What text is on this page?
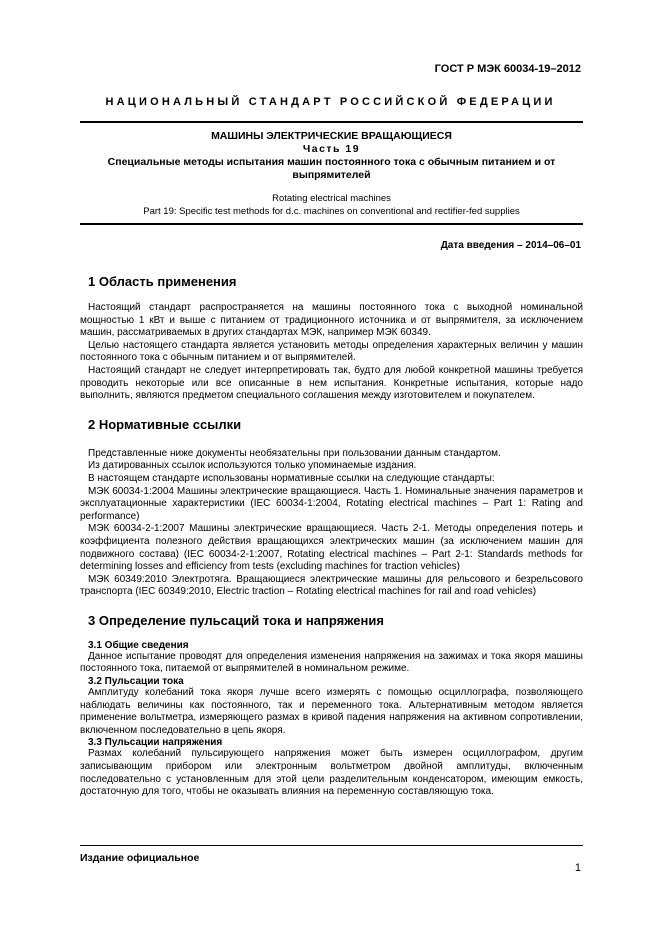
ГОСТ Р МЭК 60034-19–2012
НАЦИОНАЛЬНЫЙ СТАНДАРТ РОССИЙСКОЙ ФЕДЕРАЦИИ
МАШИНЫ ЭЛЕКТРИЧЕСКИЕ ВРАЩАЮЩИЕСЯ
Часть 19
Специальные методы испытания машин постоянного тока с обычным питанием и от выпрямителей
Rotating electrical machines
Part 19: Specific test methods for d.c. machines on conventional and rectifier-fed supplies
Дата введения – 2014–06–01
1 Область применения

Настоящий стандарт распространяется на машины постоянного тока с выходной номинальной мощностью 1 кВт и выше с питанием от традиционного источника и от выпрямителя, за исключением машин, рассматриваемых в других стандартах МЭК, например МЭК 60349.

Целью настоящего стандарта является установить методы определения характерных величин у машин постоянного тока с обычным питанием и от выпрямителей.

Настоящий стандарт не следует интерпретировать так, будто для любой конкретной машины требуется проводить некоторые или все описанные в нем испытания. Конкретные испытания, которые надо выполнить, являются предметом специального соглашения между изготовителем и покупателем.

2 Нормативные ссылки

Представленные ниже документы необязательны при пользовании данным стандартом.

Из датированных ссылок используются только упоминаемые издания.

В настоящем стандарте использованы нормативные ссылки на следующие стандарты:

МЭК 60034-1:2004 Машины электрические вращающиеся. Часть 1. Номинальные значения параметров и эксплуатационные характеристики (IEC 60034-1:2004, Rotating electrical machines – Part 1: Rating and performance)

МЭК 60034-2-1:2007 Машины электрические вращающиеся. Часть 2-1. Методы определения потерь и коэффициента полезного действия вращающихся электрических машин (за исключением машин для подвижного состава) (IEC 60034-2-1:2007, Rotating electrical machines – Part 2-1: Standards methods for determining losses and efficiency from tests (excluding machines for traction vehicles)

МЭК 60349:2010 Электротяга. Вращающиеся электрические машины для рельсового и безрельсового транспорта (IEC 60349:2010, Electric traction – Rotating electrical machines for rail and road vehicles)

3 Определение пульсаций тока и напряжения
3.1 Общие сведения

Данное испытание проводят для определения изменения напряжения на зажимах и тока якоря машины постоянного тока, питаемой от выпрямителей в номинальном режиме.

3.2 Пульсации тока

Амплитуду колебаний тока якоря лучше всего измерять с помощью осциллографа, позволяющего наблюдать величины как постоянного, так и переменного тока. Альтернативным методом является применение вольтметра, измеряющего размах в кривой падения напряжения на активном сопротивлении, включенном последовательно в цепь якоря.

3.3 Пульсации напряжения

Размах колебаний пульсирующего напряжения может быть измерен осциллографом, другим записывающим прибором или электронным вольтметром двойной амплитуды, включенным последовательно с установленным для этой цели разделительным конденсатором, имеющим емкость, достаточную для того, чтобы не оказывать влияния на переменную составляющую тока.

Издание официальное
1
